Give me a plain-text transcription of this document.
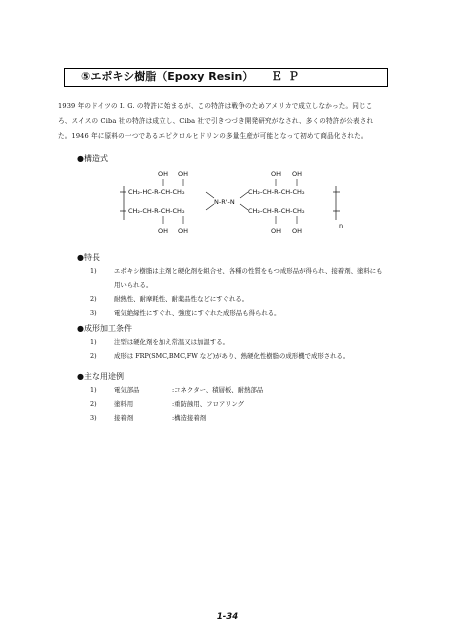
⑤エポキシ樹脂（Epoxy Resin） ＥＰ

1939 年のドイツの I. G. の特許に始まるが、この特許は戦争のためアメリカで成立しなかった。同じこ

ろ、スイスの Ciba 社の特許は成立し、Ciba 社で引きつづき開発研究がなされ、多くの特許が公表され

た。1946 年に原料の一つであるエピクロルヒドリンの多量生産が可能となって初めて商品化された。

●構造式
OH OH	OH OH
CH₂-HC-R-CH-CH₂	CH₂-CH-R-CH-CH₂
N-R'-N
CH₂-CH-R-CH-CH₂	CH₂-CH-R-CH-CH₂
n
OH OH	OH OH
●特長
1)	エポキシ樹脂は主剤と硬化剤を組合せ、各種の性質をもつ成形品が得られ、接着剤、塗料にも
用いられる。
2)	耐熱性、耐摩耗性、耐薬品性などにすぐれる。
3)	電気絶縁性にすぐれ、強度にすぐれた成形品も得られる。
●成形加工条件
1)	注型は硬化剤を加え常温又は加温する。
2)	成形は FRP(SMC,BMC,FW など)があり、熱硬化性樹脂の成形機で成形される。
●主な用途例
1)	電気部品	:コネクター、積層板、耐熱部品
2)	塗料用	:重防蝕用、フロアリング
3)	接着剤	:構造接着剤
1-34
